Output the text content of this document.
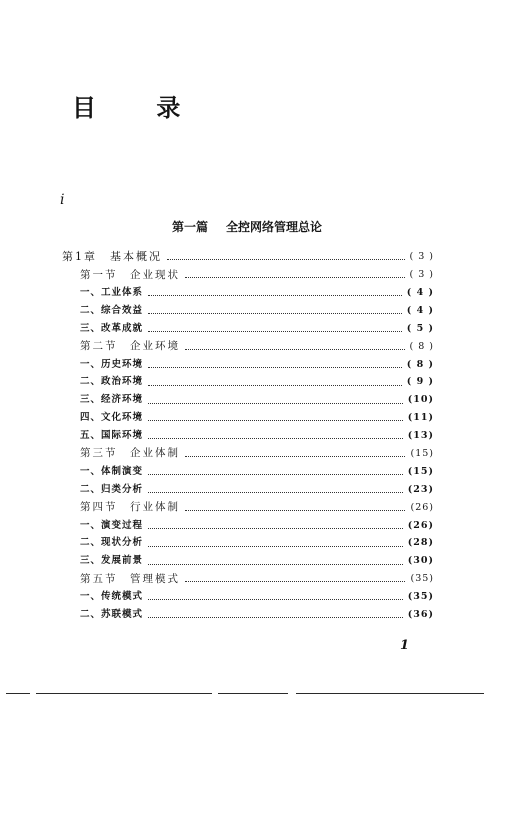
目 录
i
第一篇 全控网络管理总论
第1章　基本概况	( 3 )
第一节　企业现状	( 3 )
一、工业体系	( 4 )
二、综合效益	( 4 )
三、改革成就	( 5 )
第二节　企业环境	( 8 )
一、历史环境	( 8 )
二、政治环境	( 9 )
三、经济环境	(10)
四、文化环境	(11)
五、国际环境	(13)
第三节　企业体制	(15)
一、体制演变	(15)
二、归类分析	(23)
第四节　行业体制	(26)
一、演变过程	(26)
二、现状分析	(28)
三、发展前景	(30)
第五节　管理模式	(35)
一、传统模式	(35)
二、苏联模式	(36)
1
